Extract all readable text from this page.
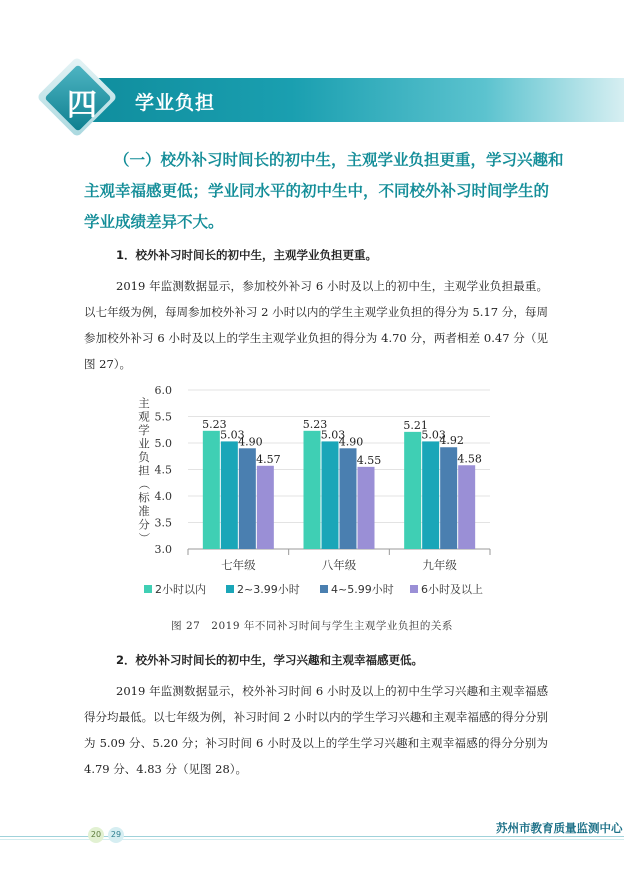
四 学业负担
（一）校外补习时间长的初中生，主观学业负担更重，学习兴趣和主观幸福感更低；学业同水平的初中生中，不同校外补习时间学生的学业成绩差异不大。
1．校外补习时间长的初中生，主观学业负担更重。
2019 年监测数据显示，参加校外补习 6 小时及以上的初中生，主观学业负担最重。以七年级为例，每周参加校外补习 2 小时以内的学生主观学业负担的得分为 5.17 分，每周参加校外补习 6 小时及以上的学生主观学业负担的得分为 4.70 分，两者相差 0.47 分（见图 27）。
3.0
3.5
4.0
4.5
5.0
5.5
6.0
主
观
学
业
负
担
（
标
准
分
）
5.23
5.03
4.90
4.57
七年级
5.23
5.03
4.90
4.55
八年级
5.21
5.03
4.92
4.58
九年级
2小时以内	2~3.99小时	4~5.99小时 6小时及以上
图 27　2019 年不同补习时间与学生主观学业负担的关系
2．校外补习时间长的初中生，学习兴趣和主观幸福感更低。
2019 年监测数据显示，校外补习时间 6 小时及以上的初中生学习兴趣和主观幸福感得分均最低。以七年级为例，补习时间 2 小时以内的学生学习兴趣和主观幸福感的得分分别为 5.09 分、5.20 分；补习时间 6 小时及以上的学生学习兴趣和主观幸福感的得分分别为 4.79 分、4.83 分（见图 28）。
20	29	苏州市教育质量监测中心
